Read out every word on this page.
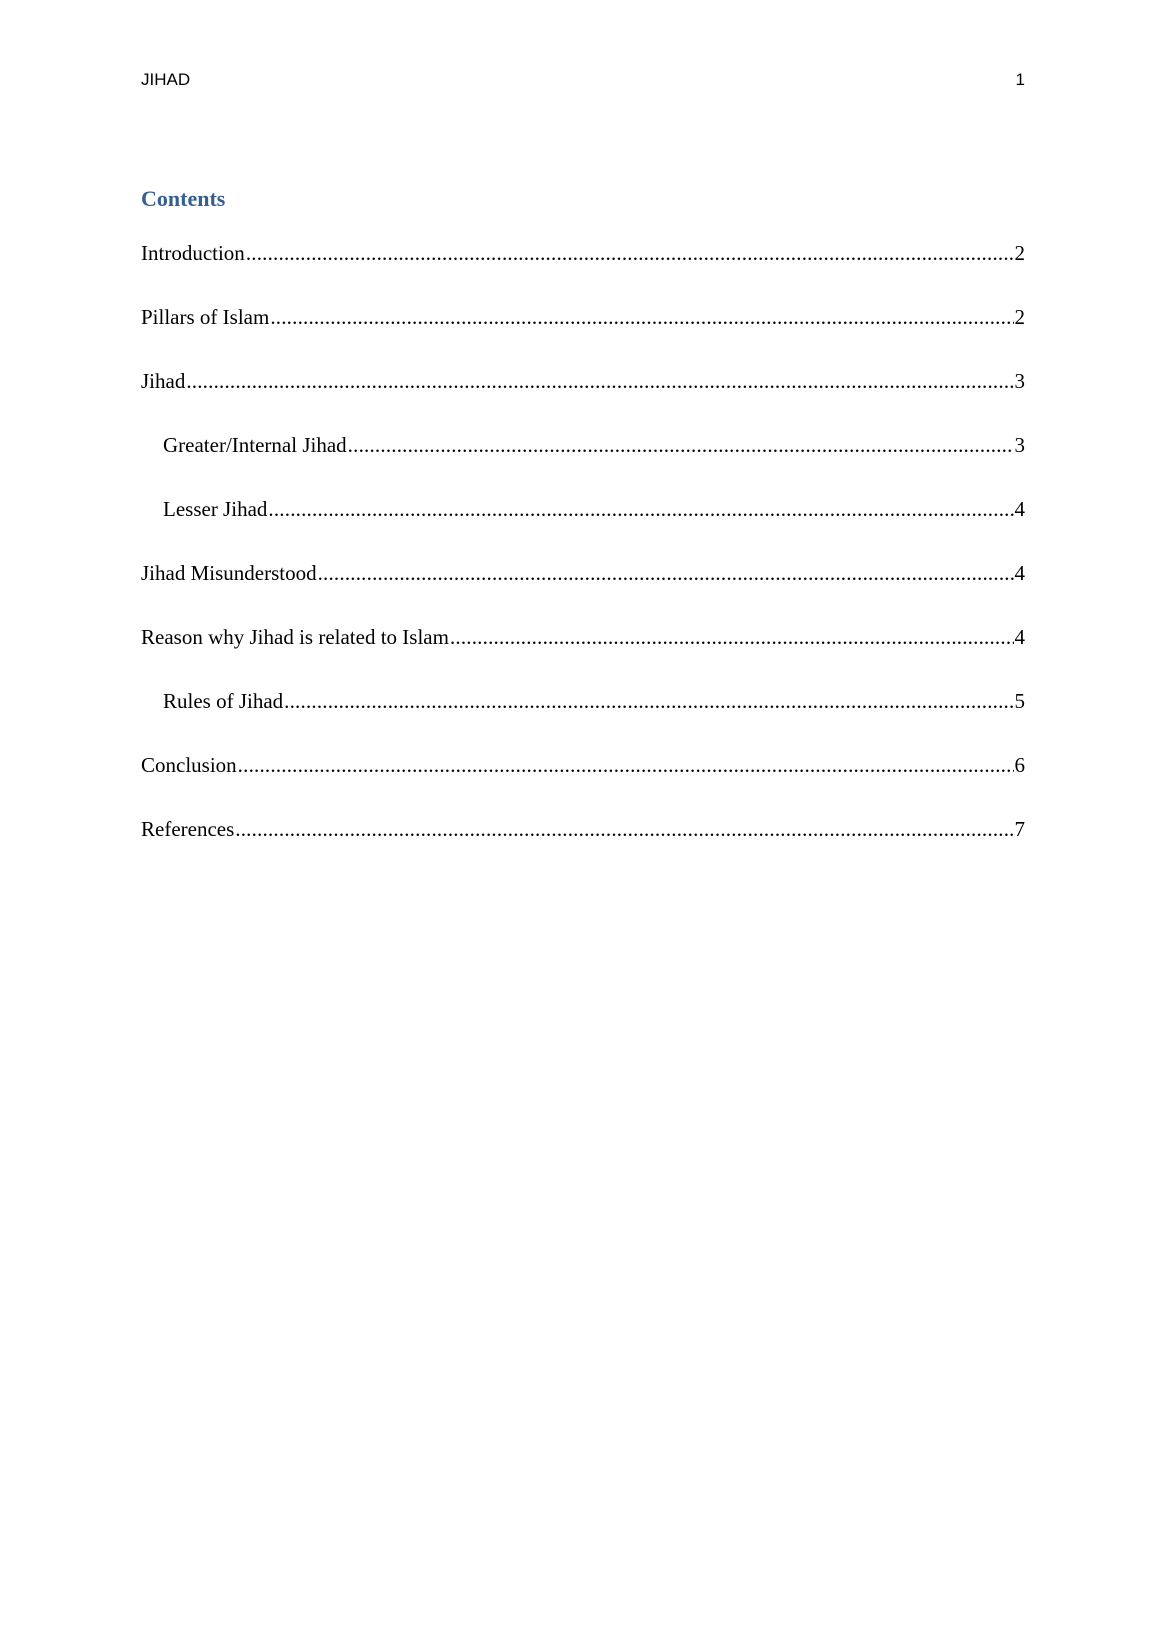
JIHAD	1
Contents
Introduction .....	2
Pillars of Islam .....	2
Jihad .....	3
Greater/Internal Jihad .....	3
Lesser Jihad .....	4
Jihad Misunderstood .....	4
Reason why Jihad is related to Islam .....	4
Rules of Jihad .....	5
Conclusion .....	6
References .....	7
